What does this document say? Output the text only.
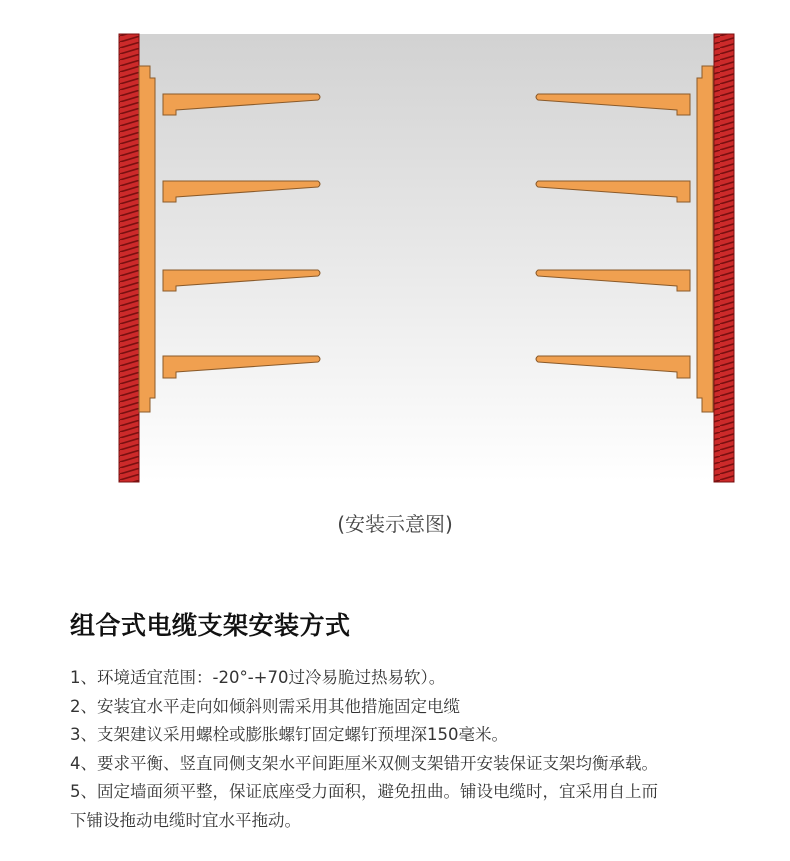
(安装示意图)
组合式电缆支架安装方式
1、环境适宜范围：-20°-+70过冷易脆过热易软）。
2、安装宜水平走向如倾斜则需采用其他措施固定电缆
3、支架建议采用螺栓或膨胀螺钉固定螺钉预埋深150毫米。
4、要求平衡、竖直同侧支架水平间距厘米双侧支架错开安装保证支架均衡承载。
5、固定墙面须平整，保证底座受力面积，避免扭曲。铺设电缆时，宜采用自上而
下铺设拖动电缆时宜水平拖动。
